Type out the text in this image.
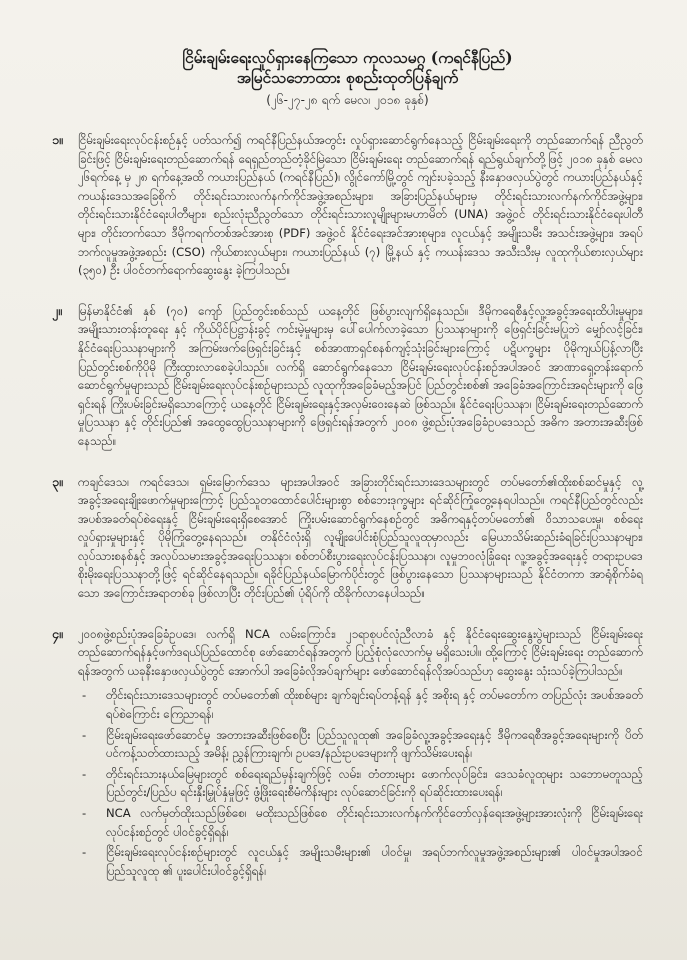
ငြိမ်းချမ်းရေးလှုပ်ရှားနေကြသော ကုလသမဂ္ဂ (ကရင်နီပြည်)

အမြင်သဘောထား စုစည်းထုတ်ပြန်ချက်

(၂၆-၂၇-၂၈ ရက် မေလ၊ ၂၀၁၈ ခုနှစ်)
၁။ ငြိမ်းချမ်းရေးလုပ်ငန်းစဉ်နှင့် ပတ်သက်၍ ကရင်နီပြည်နယ်အတွင်း လှုပ်ရှားဆောင်ရွက်နေသည့် ငြိမ်းချမ်းရေးကို တည်ဆောက်ရန် ညီညွတ်ခြင်းဖြင့် ငြိမ်းချမ်းရေးတည်ဆောက်ရန် ရေရှည်တည်တံ့ခိုင်မြဲသော ငြိမ်းချမ်းရေး တည်ဆောက်ရန် ရည်ရွယ်ချက်တို့ဖြင့် ၂၀၁၈ ခုနှစ် မေလ ၂၆ရက်နေ့ မှ ၂၈ ရက်နေ့အထိ ကယားပြည်နယ် (ကရင်နီပြည်)၊ လွိုင်ကော်မြို့တွင် ကျင်းပခဲ့သည့် နီးနှောဖလှယ်ပွဲတွင် ကယားပြည်နယ်နှင့်ကယန်းဒေသအခြေစိုက် တိုင်းရင်းသားလက်နက်ကိုင်အဖွဲ့အစည်းများ၊ အခြားပြည်နယ်များမှ တိုင်းရင်းသားလက်နက်ကိုင်အဖွဲ့များ၊ တိုင်းရင်းသားနိုင်ငံရေးပါတီများ၊ စည်းလုံးညီညွတ်သော တိုင်းရင်းသားလူမျိုးများမဟာမိတ် (UNA) အဖွဲ့ဝင် တိုင်းရင်းသားနိုင်ငံရေးပါတီများ၊ တိုင်းတက်သော ဒီမိုကရက်တစ်အင်အားစု (PDF) အဖွဲ့ဝင် နိုင်ငံရေးအင်အားစုများ၊ လူငယ်နှင့် အမျိုးသမီး အသင်းအဖွဲ့များ၊ အရပ်ဘက်လူမှုအဖွဲ့အစည်း (CSO) ကိုယ်စားလှယ်များ၊ ကယားပြည်နယ် (၇) မြို့နယ် နှင့် ကယန်းဒေသ အသီးသီးမှ လူထုကိုယ်စားလှယ်များ (၃၅၀) ဦး ပါဝင်တက်ရောက်ဆွေးနွေး ခဲ့ကြပါသည်။
၂။ မြန်မာနိုင်ငံ၏ နှစ် (၇၀) ကျော် ပြည်တွင်းစစ်သည် ယနေ့တိုင် ဖြစ်ပွားလျက်ရှိနေသည်။ ဒီမိုကရေစီနှင့်လူ့အခွင့်အရေးထိပါးမှုများ၊ အမျိုးသားတန်းတူရေး နှင့် ကိုယ်ပိုင်ပြဋ္ဌာန်းခွင့် ကင်းမဲ့မှုများမှ ပေါ်ပေါက်လာခဲ့သော ပြဿနာများကို ဖြေရှင်းခြင်းမပြုဘဲ မျှော်လင့်ခြင်း၊ နိုင်ငံရေးပြဿနာများကို အကြမ်းဖက်ဖြေရှင်းခြင်းနှင့် စစ်အာဏာရှင်စနစ်ကျင့်သုံးခြင်းများကြောင့် ပဋိပက္ခများ ပိုမိုကျယ်ပြန့်လာပြီး ပြည်တွင်းစစ်ကိုပိုမို ကြီးထွားလာစေခဲ့ပါသည်။ လက်ရှိ ဆောင်ရွက်နေသော ငြိမ်းချမ်းရေးလုပ်ငန်းစဉ်အပါအဝင် အာဏာရှေ့တန်းရောက်ဆောင်ရွက်မှုများသည် ငြိမ်းချမ်းရေးလုပ်ငန်းစဉ်များသည် လူထုကိုအခြေခံမည့်အပြင် ပြည်တွင်းစစ်၏ အခြေခံအကြောင်းအရင်းများကို ဖြေရှင်းရန် ကြိုးပမ်းခြင်းမရှိသောကြောင့် ယနေ့တိုင် ငြိမ်းချမ်းရေးနှင့်အလှမ်းဝေးနေဆဲ ဖြစ်သည်။ နိုင်ငံရေးပြဿနာ၊ ငြိမ်းချမ်းရေးတည်ဆောက်မှုပြဿနာ နှင့် တိုင်းပြည်၏ အထွေထွေပြဿနာများကို ဖြေရှင်းရန်အတွက် ၂၀၀၈ ဖွဲ့စည်းပုံအခြေခံဥပဒေသည် အဓိက အတားအဆီးဖြစ်နေသည်။
၃။ ကချင်ဒေသ၊ ကရင်ဒေသ၊ ရှမ်းမြောက်ဒေသ များအပါအဝင် အခြားတိုင်းရင်းသားဒေသများတွင် တပ်မတော်၏ထိုးစစ်ဆင်မှုနှင့် လူ့အခွင့်အရေးချိုးဖောက်မှုများကြောင့် ပြည်သူတထောင်ပေါင်းများစွာ စစ်ဘေးဒုက္ခများ ရင်ဆိုင်ကြုံတွေ့နေရပါသည်။ ကရင်နီပြည်တွင်လည်း အပစ်အခတ်ရပ်စဲရေးနှင့် ငြိမ်းချမ်းရေးရှိစေအောင် ကြိုးပမ်းဆောင်ရွက်နေစဉ်တွင် အဓိကရနှင့်တပ်မတော်၏ ဝိသာသပေးမှု၊ စစ်ရေးလှုပ်ရှားမှုများနှင့် ပိုမိုကြုံတွေ့နေရသည်။ တနိုင်ငံလုံးရှိ လူမျိုးပေါင်းစုံပြည်သူလူထုမှာလည်း မြေယာသိမ်းဆည်းခံရခြင်းပြဿနာများ၊ လုပ်သားစနစ်နှင့် အလုပ်သမားအခွင့်အရေးပြဿနာ၊ စစ်တပ်စီးပွားရေးလုပ်ငန်းပြဿနာ၊ လူမှုဘဝလုံခြုံရေး လူ့အခွင့်အရေးနှင့် တရားဥပဒေ စိုးမိုးရေးပြဿနာတို့ဖြင့် ရင်ဆိုင်နေရသည်။ ရခိုင်ပြည်နယ်မြောက်ပိုင်းတွင် ဖြစ်ပွားနေသော ပြဿနာများသည် နိုင်ငံတကာ အာရုံစိုက်ခံရသော အကြောင်းအရာတစ်ခု ဖြစ်လာပြီး တိုင်းပြည်၏ ပုံရိပ်ကို ထိခိုက်လာနေပါသည်။
၄။ ၂၀၀၈ဖွဲ့စည်းပုံအခြေခံဥပဒေ၊ လက်ရှိ NCA လမ်းကြောင်း၊ ၂၁ရာစုပင်လုံညီလာခံ နှင့် နိုင်ငံရေးဆွေးနွေးပွဲများသည် ငြိမ်းချမ်းရေး တည်ဆောက်ရန်နှင့်ဖက်ဒရယ်ပြည်ထောင်စု ဖော်ဆောင်ရန်အတွက် ပြည့်စုံလုံလောက်မှု မရှိသေးပါ။ ထို့ကြောင့် ငြိမ်းချမ်းရေး တည်ဆောက်ရန်အတွက် ယခုနီးနှောဖလှယ်ပွဲတွင် အောက်ပါ အခြေခံလိုအပ်ချက်များ ဖော်ဆောင်ရန်လိုအပ်သည်ဟု ဆွေးနွေး သုံးသပ်ခဲ့ကြပါသည်။
- တိုင်းရင်းသားဒေသများတွင် တပ်မတော်၏ ထိုးစစ်များ ချက်ချင်းရပ်တန့်ရန် နှင့် အစိုးရ နှင့် တပ်မတော်က တပြည်လုံး အပစ်အခတ်ရပ်စဲကြောင်း ကြေညာရန်၊
- ငြိမ်းချမ်းရေးဖော်ဆောင်မှု အတားအဆီးဖြစ်စေပြီး ပြည်သူလူထု၏ အခြေခံလူ့အခွင့်အရေးနှင့် ဒီမိုကရေစီအခွင့်အရေးများကို ပိတ်ပင်ကန့်သတ်ထားသည့် အမိန့်၊ ညွှန်ကြားချက်၊ ဥပဒေ/နည်းဥပဒေများကို ဖျက်သိမ်းပေးရန်၊
- တိုင်းရင်းသားနယ်မြေများတွင် စစ်ရေးရည်မှန်းချက်ဖြင့် လမ်း၊ တံတားများ ဖောက်လုပ်ခြင်း၊ ဒေသခံလူထုများ သဘောမတူသည့် ပြည်တွင်း/ပြည်ပ ရင်းနှီးမြှုပ်နှံမှုဖြင့် ဖွံ့ဖြိုးရေးစီမံကိန်းများ လုပ်ဆောင်ခြင်းကို ရပ်ဆိုင်းထားပေးရန်၊
- NCA လက်မှတ်ထိုးသည်ဖြစ်စေ၊ မထိုးသည်ဖြစ်စေ တိုင်းရင်းသားလက်နက်ကိုင်တော်လှန်ရေးအဖွဲ့များအားလုံးကို ငြိမ်းချမ်းရေး လုပ်ငန်းစဉ်တွင် ပါဝင်ခွင့်ရှိရန်၊
- ငြိမ်းချမ်းရေးလုပ်ငန်းစဉ်များတွင် လူငယ်နှင့် အမျိုးသမီးများ၏ ပါဝင်မှု၊ အရပ်ဘက်လူမှုအဖွဲ့အစည်းများ၏ ပါဝင်မှုအပါအဝင် ပြည်သူလူထု ၏ ပူးပေါင်းပါဝင်ခွင့်ရှိရန်၊
